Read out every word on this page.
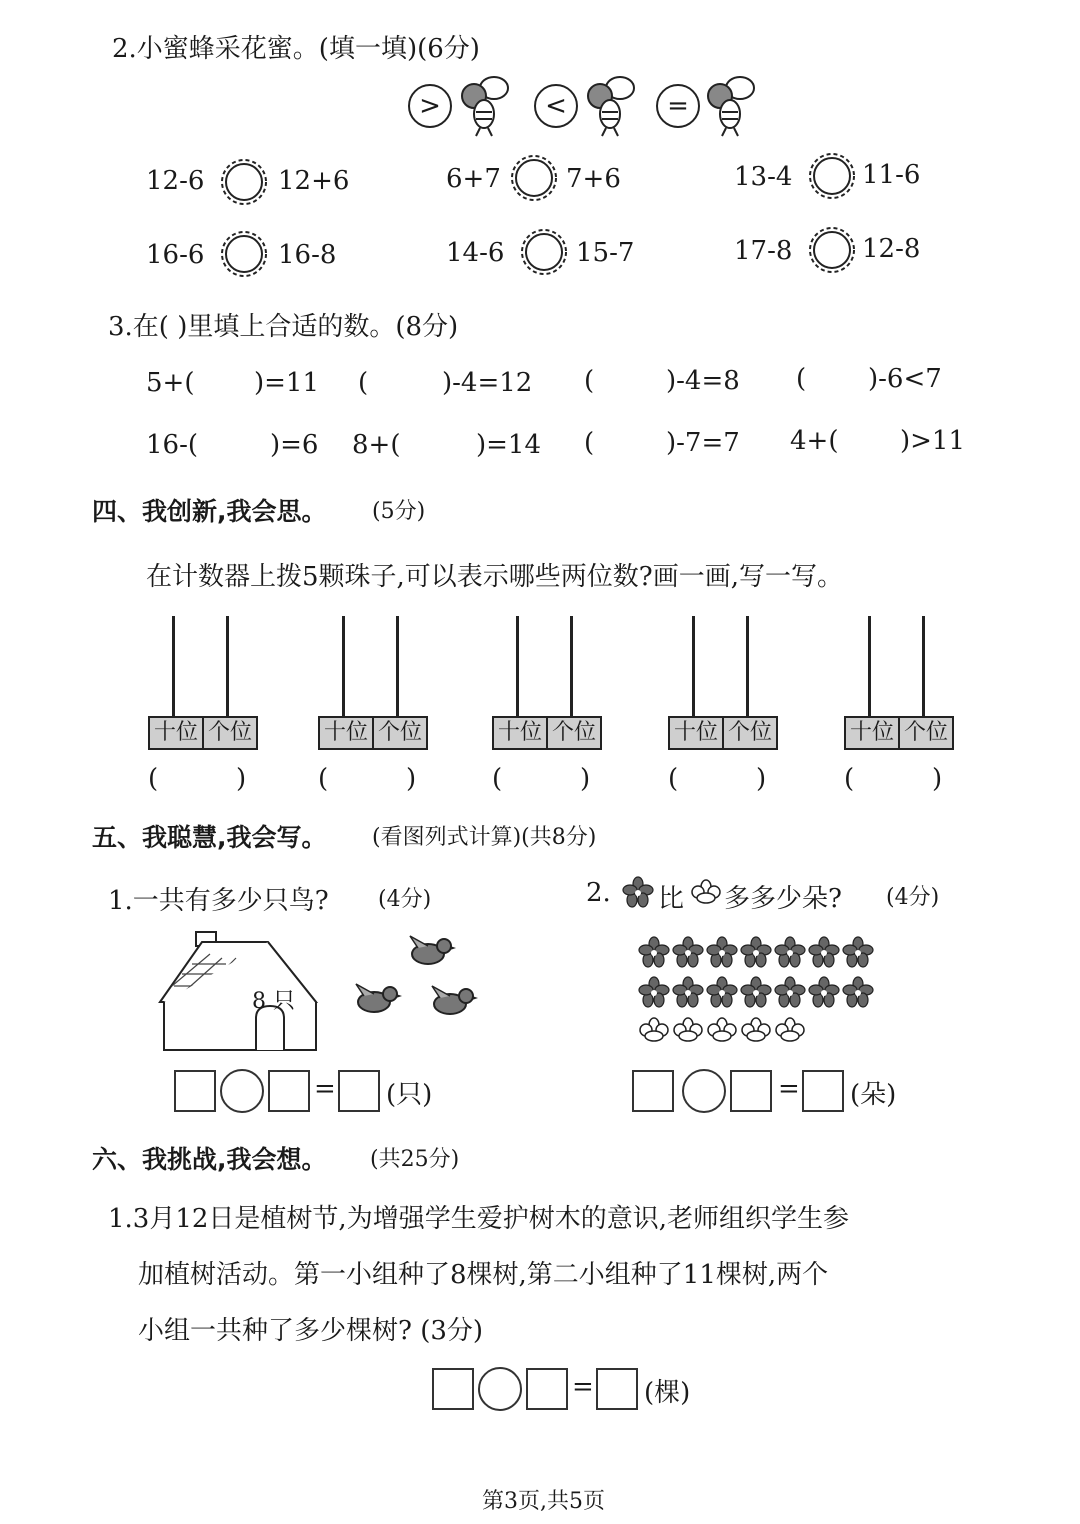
2.小蜜蜂采花蜜。(填一填)(6分)
>	<	=
12-6	12+6	6+7	7+6	13-4	11-6
16-6	16-8	14-6	15-7	17-8	12-8
3.在( )里填上合适的数。(8分)
5+( )=11 (	)-4=12 (	)-4=8 ( )-6<7
16-(	)=6 8+(	)=14 (	)-7=7 4+( )>11
四、我创新,我会思。 (5分)
在计数器上拨5颗珠子,可以表示哪些两位数?画一画,写一写。
十位 个位
(	)
十位 个位
(	)
十位 个位
(	)
十位 个位
(	)
十位 个位
(	)
五、我聪慧,我会写。 (看图列式计算)(共8分)
1.一共有多少只鸟? (4分)
8 只
= (只)
2. 比 多多少朵? (4分)
= (朵)
六、我挑战,我会想。 (共25分)
1.3月12日是植树节,为增强学生爱护树木的意识,老师组织学生参
加植树活动。第一小组种了8棵树,第二小组种了11棵树,两个
小组一共种了多少棵树? (3分)
= (棵)
第3页,共5页
